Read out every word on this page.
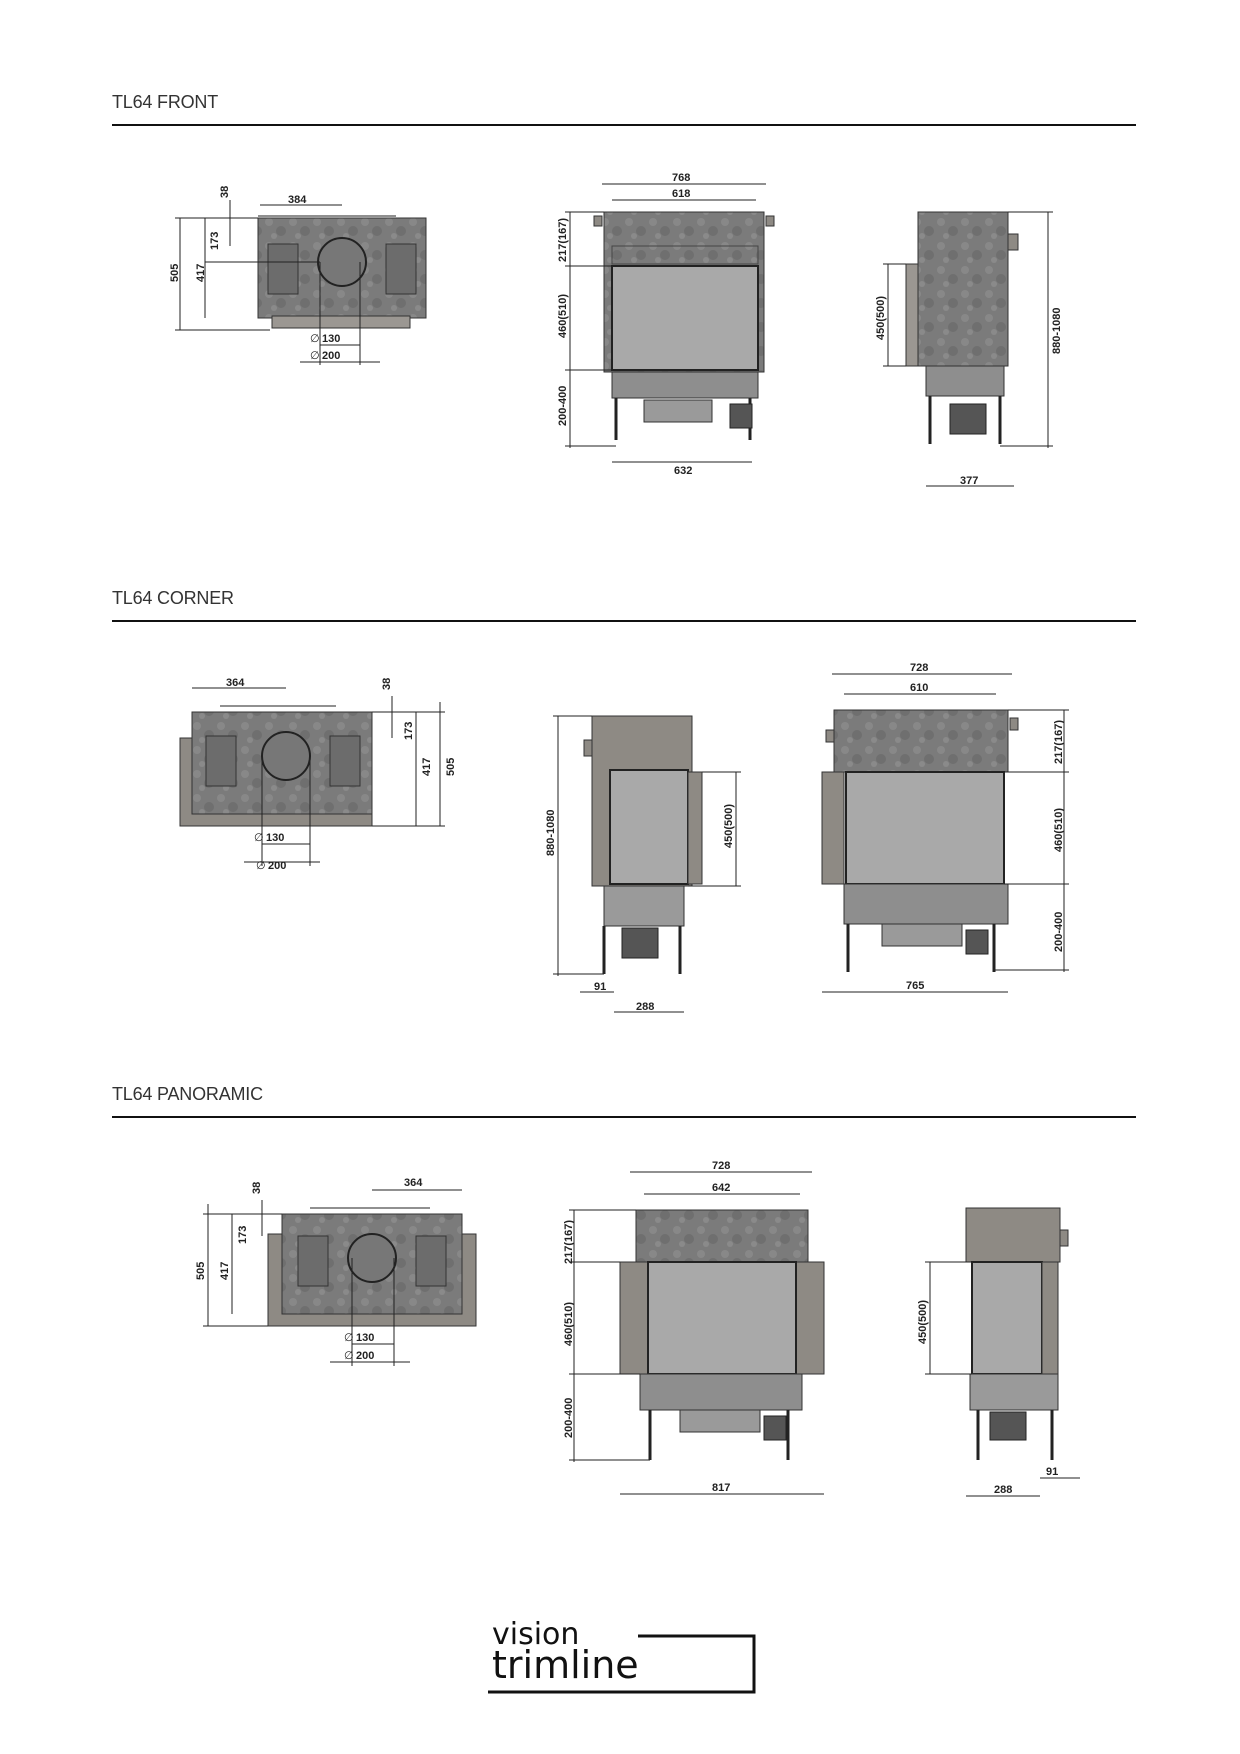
TL64 FRONT
TL64 CORNER
TL64 PANORAMIC
38
384
173
417
505
130
200
768
618
632
217(167)
460(510)
200-400
450(500)	880-1080
377
364	38
173
417 505
130
200
880-1080	450(500)
91
288
728
610
765
217(167)
460(510)
200-400
38	364
173
417
505
130
200
728
642
817
217(167)
460(510)
200-400
450(500)
91
288
∅
∅
∅
∅
∅
∅
vision
trimline
